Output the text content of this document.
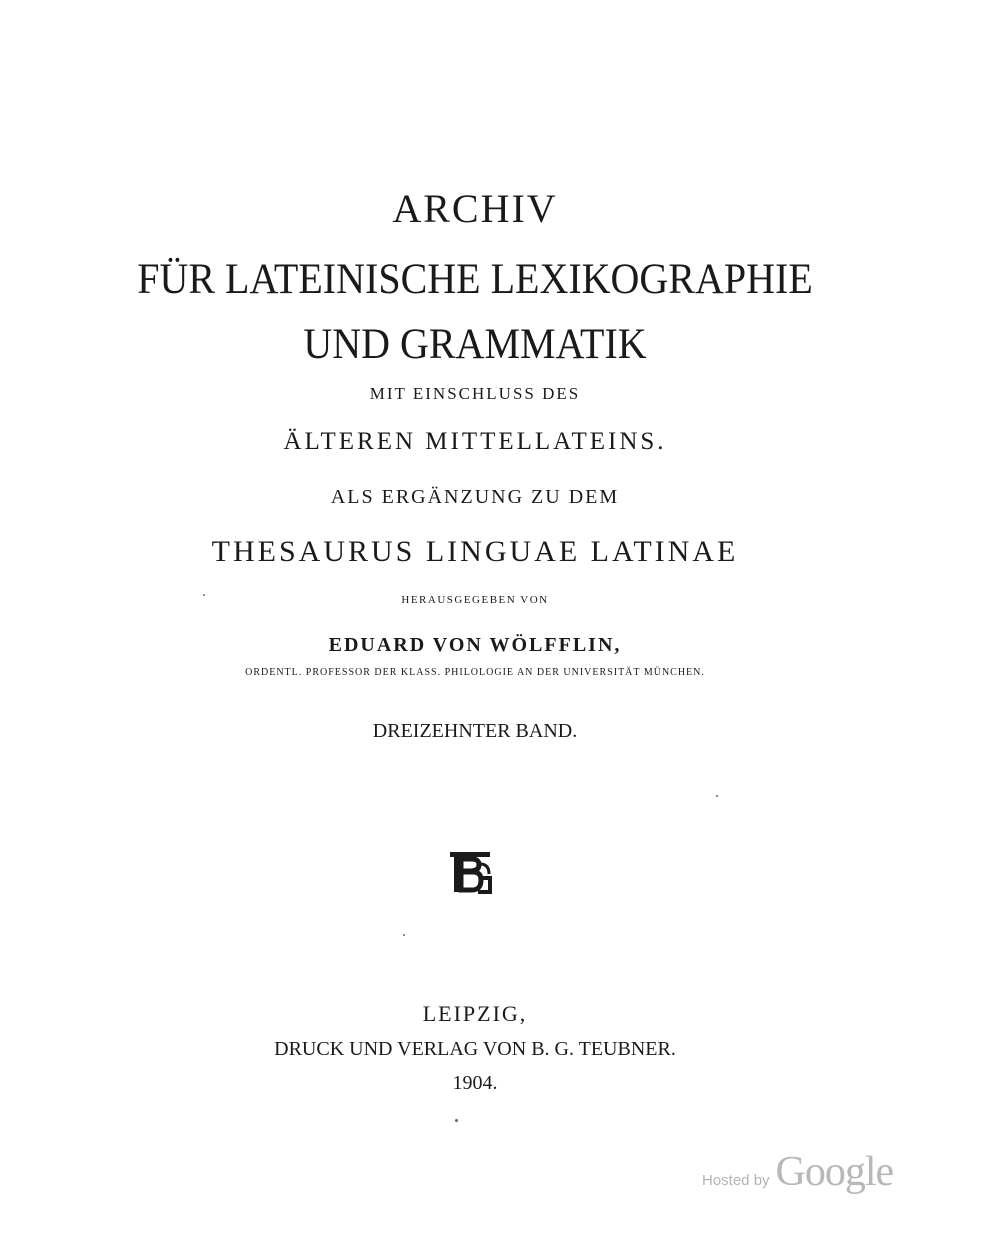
ARCHIV
FÜR LATEINISCHE LEXIKOGRAPHIE
UND GRAMMATIK
MIT EINSCHLUSS DES
ÄLTEREN MITTELLATEINS.
ALS ERGÄNZUNG ZU DEM
THESAURUS LINGUAE LATINAE
HERAUSGEGEBEN VON
EDUARD VON WÖLFFLIN,
ORDENTL. PROFESSOR DER KLASS. PHILOLOGIE AN DER UNIVERSITÄT MÜNCHEN.
DREIZEHNTER BAND.
LEIPZIG,
DRUCK UND VERLAG VON B. G. TEUBNER.
1904.
Hosted by Google
